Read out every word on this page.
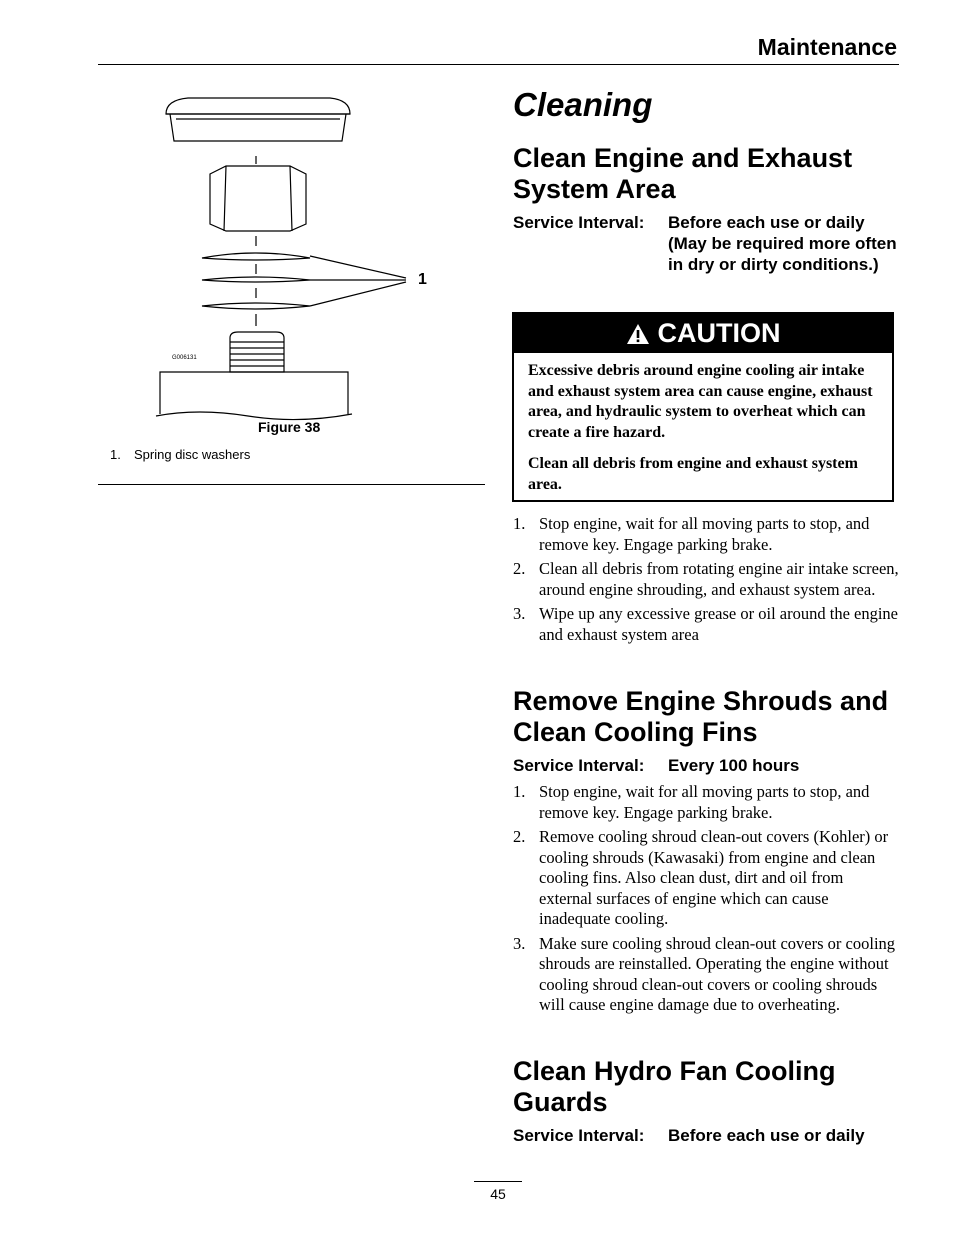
Maintenance
1
G006131
Figure 38
1. Spring disc washers
Cleaning
Clean Engine and Exhaust System Area
Service Interval:	Before each use or daily (May be required more often in dry or dirty conditions.)
CAUTION

Excessive debris around engine cooling air intake and exhaust system area can cause engine, exhaust area, and hydraulic system to overheat which can create a fire hazard.

Clean all debris from engine and exhaust system area.

1. Stop engine, wait for all moving parts to stop, and remove key. Engage parking brake.
2. Clean all debris from rotating engine air intake screen, around engine shrouding, and exhaust system area.
3. Wipe up any excessive grease or oil around the engine and exhaust system area
Remove Engine Shrouds and Clean Cooling Fins
Service Interval:	Every 100 hours
1. Stop engine, wait for all moving parts to stop, and remove key. Engage parking brake.
2. Remove cooling shroud clean-out covers (Kohler) or cooling shrouds (Kawasaki) from engine and clean cooling fins. Also clean dust, dirt and oil from external surfaces of engine which can cause inadequate cooling.
3. Make sure cooling shroud clean-out covers or cooling shrouds are reinstalled. Operating the engine without cooling shroud clean-out covers or cooling shrouds will cause engine damage due to overheating.
Clean Hydro Fan Cooling Guards
Service Interval:	Before each use or daily
45
